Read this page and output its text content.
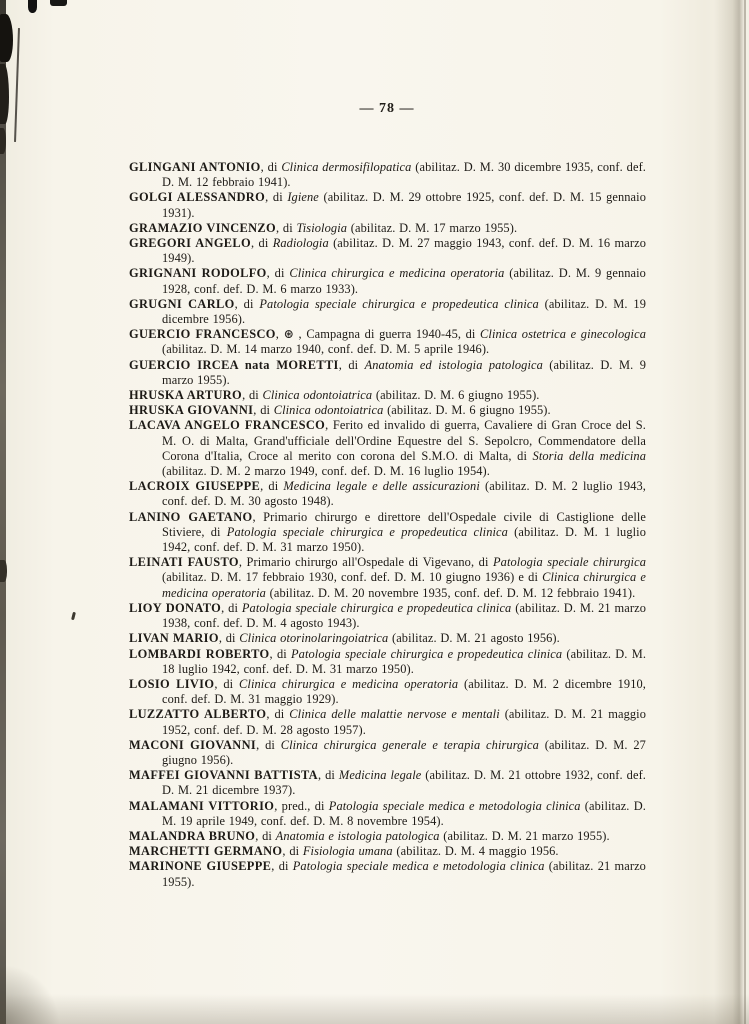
— 78 —

GLINGANI ANTONIO, di Clinica dermosifilopatica (abilitaz. D. M. 30 dicembre 1935, conf. def. D. M. 12 febbraio 1941).

GOLGI ALESSANDRO, di Igiene (abilitaz. D. M. 29 ottobre 1925, conf. def. D. M. 15 gennaio 1931).

GRAMAZIO VINCENZO, di Tisiologia (abilitaz. D. M. 17 marzo 1955).

GREGORI ANGELO, di Radiologia (abilitaz. D. M. 27 maggio 1943, conf. def. D. M. 16 marzo 1949).

GRIGNANI RODOLFO, di Clinica chirurgica e medicina operatoria (abilitaz. D. M. 9 gennaio 1928, conf. def. D. M. 6 marzo 1933).

GRUGNI CARLO, di Patologia speciale chirurgica e propedeutica clinica (abilitaz. D. M. 19 dicembre 1956).

GUERCIO FRANCESCO, ⊛ , Campagna di guerra 1940-45, di Clinica ostetrica e ginecologica (abilitaz. D. M. 14 marzo 1940, conf. def. D. M. 5 aprile 1946).

GUERCIO IRCEA nata MORETTI, di Anatomia ed istologia patologica (abilitaz. D. M. 9 marzo 1955).

HRUSKA ARTURO, di Clinica odontoiatrica (abilitaz. D. M. 6 giugno 1955).

HRUSKA GIOVANNI, di Clinica odontoiatrica (abilitaz. D. M. 6 giugno 1955).

LACAVA ANGELO FRANCESCO, Ferito ed invalido di guerra, Cavaliere di Gran Croce del S. M. O. di Malta, Grand'ufficiale dell'Ordine Equestre del S. Sepolcro, Commendatore della Corona d'Italia, Croce al merito con corona del S.M.O. di Malta, di Storia della medicina (abilitaz. D. M. 2 marzo 1949, conf. def. D. M. 16 luglio 1954).

LACROIX GIUSEPPE, di Medicina legale e delle assicurazioni (abilitaz. D. M. 2 luglio 1943, conf. def. D. M. 30 agosto 1948).

LANINO GAETANO, Primario chirurgo e direttore dell'Ospedale civile di Castiglione delle Stiviere, di Patologia speciale chirurgica e propedeutica clinica (abilitaz. D. M. 1 luglio 1942, conf. def. D. M. 31 marzo 1950).

LEINATI FAUSTO, Primario chirurgo all'Ospedale di Vigevano, di Patologia speciale chirurgica (abilitaz. D. M. 17 febbraio 1930, conf. def. D. M. 10 giugno 1936) e di Clinica chirurgica e medicina operatoria (abilitaz. D. M. 20 novembre 1935, conf. def. D. M. 12 febbraio 1941).

LIOY DONATO, di Patologia speciale chirurgica e propedeutica clinica (abilitaz. D. M. 21 marzo 1938, conf. def. D. M. 4 agosto 1943).

LIVAN MARIO, di Clinica otorinolaringoiatrica (abilitaz. D. M. 21 agosto 1956).

LOMBARDI ROBERTO, di Patologia speciale chirurgica e propedeutica clinica (abilitaz. D. M. 18 luglio 1942, conf. def. D. M. 31 marzo 1950).

LOSIO LIVIO, di Clinica chirurgica e medicina operatoria (abilitaz. D. M. 2 dicembre 1910, conf. def. D. M. 31 maggio 1929).

LUZZATTO ALBERTO, di Clinica delle malattie nervose e mentali (abilitaz. D. M. 21 maggio 1952, conf. def. D. M. 28 agosto 1957).

MACONI GIOVANNI, di Clinica chirurgica generale e terapia chirurgica (abilitaz. D. M. 27 giugno 1956).

MAFFEI GIOVANNI BATTISTA, di Medicina legale (abilitaz. D. M. 21 ottobre 1932, conf. def. D. M. 21 dicembre 1937).

MALAMANI VITTORIO, pred., di Patologia speciale medica e metodologia clinica (abilitaz. D. M. 19 aprile 1949, conf. def. D. M. 8 novembre 1954).

MALANDRA BRUNO, di Anatomia e istologia patologica (abilitaz. D. M. 21 marzo 1955).

MARCHETTI GERMANO, di Fisiologia umana (abilitaz. D. M. 4 maggio 1956.

MARINONE GIUSEPPE, di Patologia speciale medica e metodologia clinica (abilitaz. 21 marzo 1955).
